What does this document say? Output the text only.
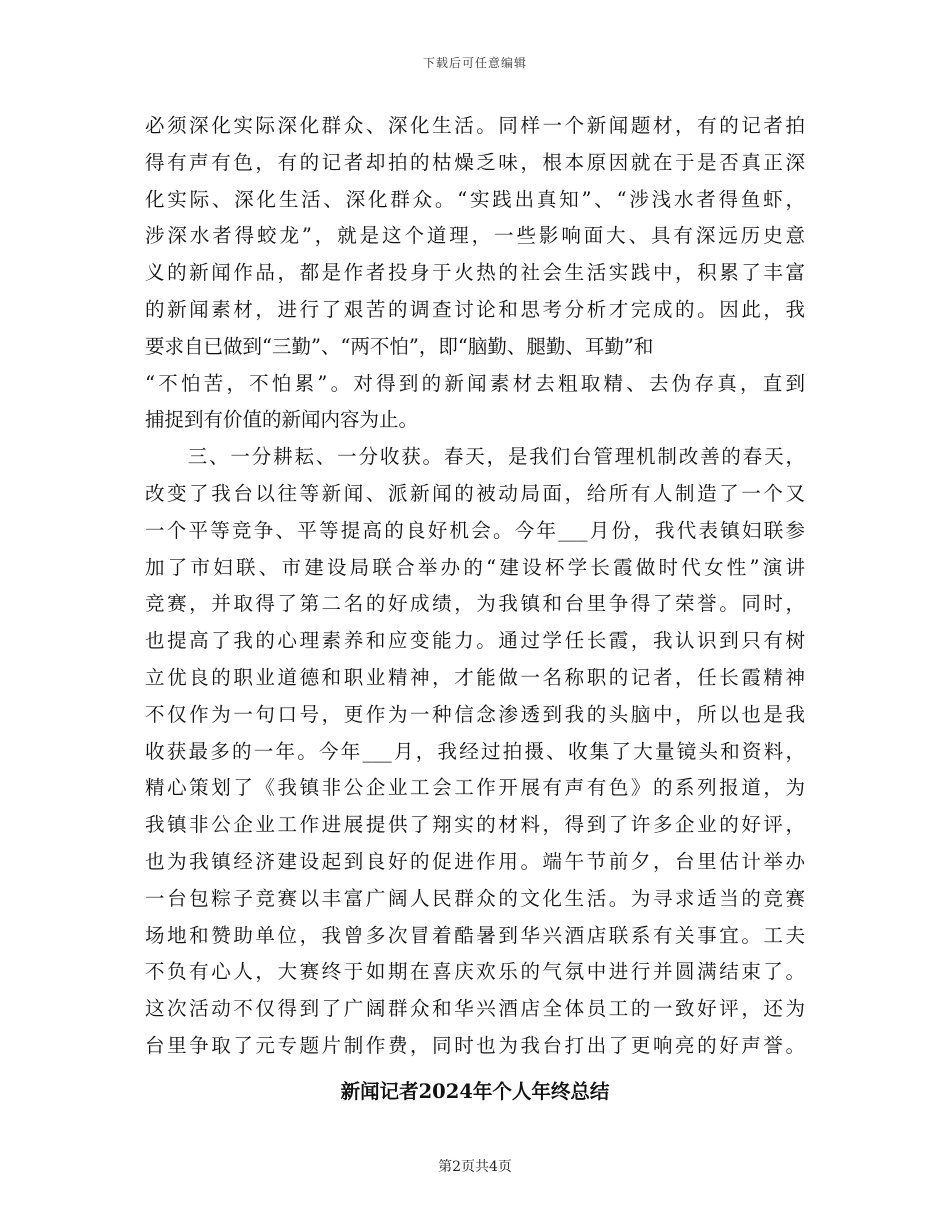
下载后可任意编辑
必须深化实际深化群众、深化生活。同样一个新闻题材，有的记者拍
得有声有色，有的记者却拍的枯燥乏味，根本原因就在于是否真正深
化实际、深化生活、深化群众。“实践出真知”、“涉浅水者得鱼虾，
涉深水者得蛟龙”，就是这个道理，一些影响面大、具有深远历史意
义的新闻作品，都是作者投身于火热的社会生活实践中，积累了丰富
的新闻素材，进行了艰苦的调查讨论和思考分析才完成的。因此，我
要求自已做到“三勤”、“两不怕”，即“脑勤、腿勤、耳勤”和
“不怕苦，不怕累”。对得到的新闻素材去粗取精、去伪存真，直到
捕捉到有价值的新闻内容为止。
　　三、一分耕耘、一分收获。春天，是我们台管理机制改善的春天，
改变了我台以往等新闻、派新闻的被动局面，给所有人制造了一个又
一个平等竞争、平等提高的良好机会。今年___月份，我代表镇妇联参
加了市妇联、市建设局联合举办的“建设杯学长霞做时代女性”演讲
竞赛，并取得了第二名的好成绩，为我镇和台里争得了荣誉。同时，
也提高了我的心理素养和应变能力。通过学任长霞，我认识到只有树
立优良的职业道德和职业精神，才能做一名称职的记者，任长霞精神
不仅作为一句口号，更作为一种信念渗透到我的头脑中，所以也是我
收获最多的一年。今年___月，我经过拍摄、收集了大量镜头和资料，
精心策划了《我镇非公企业工会工作开展有声有色》的系列报道，为
我镇非公企业工作进展提供了翔实的材料，得到了许多企业的好评，
也为我镇经济建设起到良好的促进作用。端午节前夕，台里估计举办
一台包粽子竞赛以丰富广阔人民群众的文化生活。为寻求适当的竞赛
场地和赞助单位，我曾多次冒着酷暑到华兴酒店联系有关事宜。工夫
不负有心人，大赛终于如期在喜庆欢乐的气氛中进行并圆满结束了。
这次活动不仅得到了广阔群众和华兴酒店全体员工的一致好评，还为
台里争取了元专题片制作费，同时也为我台打出了更响亮的好声誉。
新闻记者2024年个人年终总结
第2页共4页
